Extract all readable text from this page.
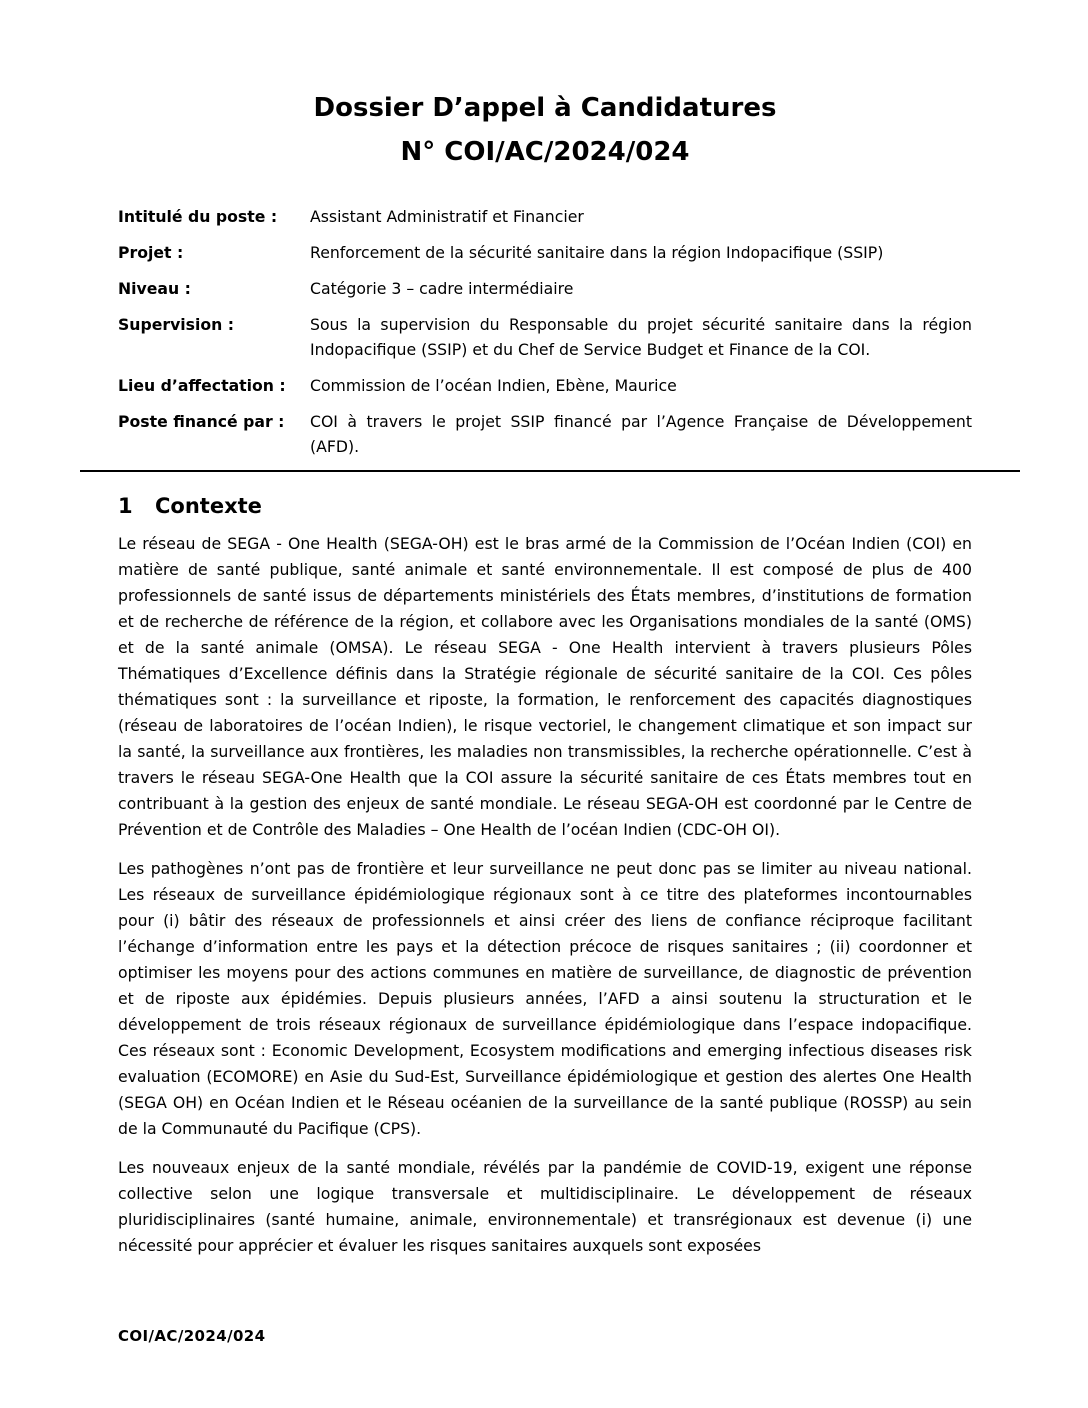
Dossier D’appel à Candidatures
N° COI/AC/2024/024
Intitulé du poste :	Assistant Administratif et Financier
Projet :	Renforcement de la sécurité sanitaire dans la région Indopacifique (SSIP)
Niveau :	Catégorie 3 – cadre intermédiaire
Supervision :	Sous la supervision du Responsable du projet sécurité sanitaire dans la région Indopacifique (SSIP) et du Chef de Service Budget et Finance de la COI.
Lieu d’affectation :	Commission de l’océan Indien, Ebène, Maurice
Poste financé par :	COI à travers le projet SSIP financé par l’Agence Française de Développement (AFD).
1 Contexte

Le réseau de SEGA - One Health (SEGA-OH) est le bras armé de la Commission de l’Océan Indien (COI) en matière de santé publique, santé animale et santé environnementale. Il est composé de plus de 400 professionnels de santé issus de départements ministériels des États membres, d’institutions de formation et de recherche de référence de la région, et collabore avec les Organisations mondiales de la santé (OMS) et de la santé animale (OMSA). Le réseau SEGA - One Health intervient à travers plusieurs Pôles Thématiques d’Excellence définis dans la Stratégie régionale de sécurité sanitaire de la COI. Ces pôles thématiques sont : la surveillance et riposte, la formation, le renforcement des capacités diagnostiques (réseau de laboratoires de l’océan Indien), le risque vectoriel, le changement climatique et son impact sur la santé, la surveillance aux frontières, les maladies non transmissibles, la recherche opérationnelle. C’est à travers le réseau SEGA-One Health que la COI assure la sécurité sanitaire de ces États membres tout en contribuant à la gestion des enjeux de santé mondiale. Le réseau SEGA-OH est coordonné par le Centre de Prévention et de Contrôle des Maladies – One Health de l’océan Indien (CDC-OH OI).

Les pathogènes n’ont pas de frontière et leur surveillance ne peut donc pas se limiter au niveau national. Les réseaux de surveillance épidémiologique régionaux sont à ce titre des plateformes incontournables pour (i) bâtir des réseaux de professionnels et ainsi créer des liens de confiance réciproque facilitant l’échange d’information entre les pays et la détection précoce de risques sanitaires ; (ii) coordonner et optimiser les moyens pour des actions communes en matière de surveillance, de diagnostic de prévention et de riposte aux épidémies. Depuis plusieurs années, l’AFD a ainsi soutenu la structuration et le développement de trois réseaux régionaux de surveillance épidémiologique dans l’espace indopacifique. Ces réseaux sont : Economic Development, Ecosystem modifications and emerging infectious diseases risk evaluation (ECOMORE) en Asie du Sud-Est, Surveillance épidémiologique et gestion des alertes One Health (SEGA OH) en Océan Indien et le Réseau océanien de la surveillance de la santé publique (ROSSP) au sein de la Communauté du Pacifique (CPS).

Les nouveaux enjeux de la santé mondiale, révélés par la pandémie de COVID-19, exigent une réponse collective selon une logique transversale et multidisciplinaire. Le développement de réseaux pluridisciplinaires (santé humaine, animale, environnementale) et transrégionaux est devenue (i) une nécessité pour apprécier et évaluer les risques sanitaires auxquels sont exposées

COI/AC/2024/024
